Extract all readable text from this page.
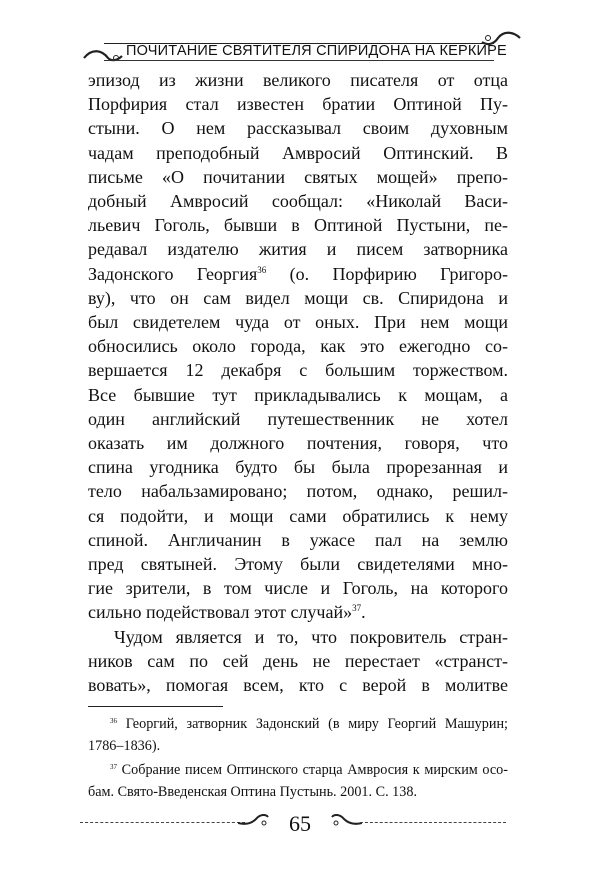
ПОЧИТАНИЕ СВЯТИТЕЛЯ СПИРИДОНА НА КЕРКИРЕ
эпизод из жизни великого писателя от отца
Порфирия стал известен братии Оптиной Пу-
стыни. О нем рассказывал своим духовным
чадам преподобный Амвросий Оптинский. В
письме «О почитании святых мощей» препо-
добный Амвросий сообщал: «Николай Васи-
льевич Гоголь, бывши в Оптиной Пустыни, пе-
редавал издателю жития и писем затворника
Задонского Георгия$^{36}$ (о. Порфирию Григоро-
ву), что он сам видел мощи св. Спиридона и
был свидетелем чуда от оных. При нем мощи
обносились около города, как это ежегодно со-
вершается 12 декабря с большим торжеством.
Все бывшие тут прикладывались к мощам, а
один английский путешественник не хотел
оказать им должного почтения, говоря, что
спина угодника будто бы была прорезанная и
тело набальзамировано; потом, однако, решил-
ся подойти, и мощи сами обратились к нему
спиной. Англичанин в ужасе пал на землю
пред святыней. Этому были свидетелями мно-
гие зрители, в том числе и Гоголь, на которого
сильно подействовал этот случай»$^{37}$.
Чудом является и то, что покровитель стран-
ников сам по сей день не перестает «странст-
вовать», помогая всем, кто с верой в молитве
$^{36}$ Георгий, затворник Задонский (в миру Георгий Машурин;
1786–1836).
$^{37}$ Собрание писем Оптинского старца Амвросия к мирским осо-
бам. Свято-Введенская Оптина Пустынь. 2001. С. 138.
65
